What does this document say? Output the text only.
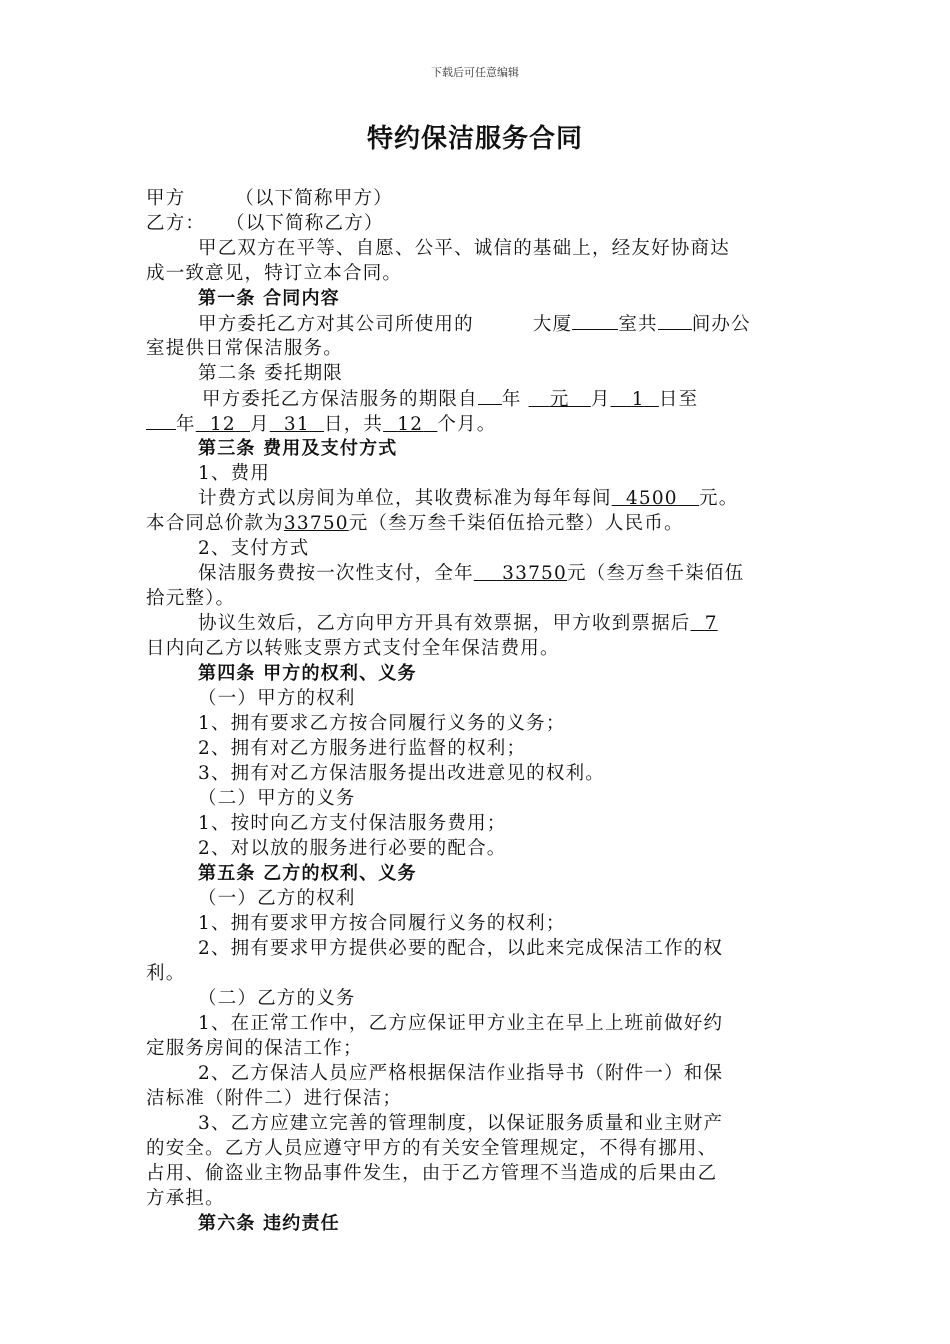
下载后可任意编辑
特约保洁服务合同
甲方　　　（以下简称甲方）
乙方：　　（以下简称乙方）
甲乙双方在平等、自愿、公平、诚信的基础上，经友好协商达
成一致意见，特订立本合同。
第一条 合同内容
甲方委托乙方对其公司所使用的　　　大厦 室共 间办公
室提供日常保洁服务。
第二条 委托期限
甲方委托乙方保洁服务的期限自 年 元 月 1 日至
年 12 月 31 日，共 12 个月。
第三条 费用及支付方式
1、费用
计费方式以房间为单位，其收费标准为每年每间 4500 元。
本合同总价款为33750元（叁万叁千柒佰伍拾元整）人民币。
2、支付方式
保洁服务费按一次性支付，全年 33750元（叁万叁千柒佰伍
拾元整）。
协议生效后，乙方向甲方开具有效票据，甲方收到票据后 7
日内向乙方以转账支票方式支付全年保洁费用。
第四条 甲方的权利、义务
（一）甲方的权利
1、拥有要求乙方按合同履行义务的义务；
2、拥有对乙方服务进行监督的权利；
3、拥有对乙方保洁服务提出改进意见的权利。
（二）甲方的义务
1、按时向乙方支付保洁服务费用；
2、对以放的服务进行必要的配合。
第五条 乙方的权利、义务
（一）乙方的权利
1、拥有要求甲方按合同履行义务的权利；
2、拥有要求甲方提供必要的配合，以此来完成保洁工作的权
利。
（二）乙方的义务
1、在正常工作中，乙方应保证甲方业主在早上上班前做好约
定服务房间的保洁工作；
2、乙方保洁人员应严格根据保洁作业指导书（附件一）和保
洁标准（附件二）进行保洁；
3、乙方应建立完善的管理制度，以保证服务质量和业主财产
的安全。乙方人员应遵守甲方的有关安全管理规定，不得有挪用、
占用、偷盗业主物品事件发生，由于乙方管理不当造成的后果由乙
方承担。
第六条 违约责任
